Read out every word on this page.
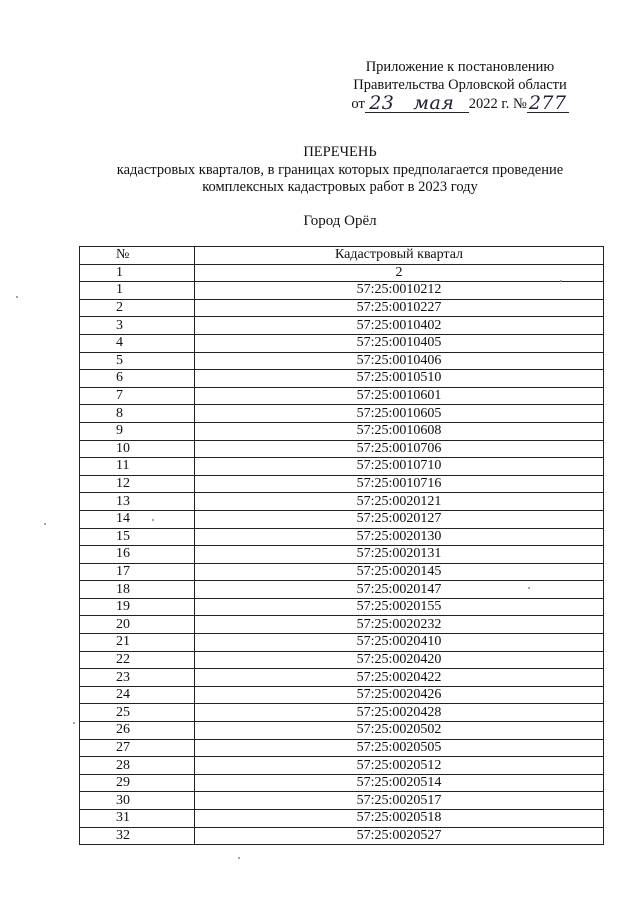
Приложение к постановлению
Правительства Орловской области
от 23 мая 2022 г. № 277
ПЕРЕЧЕНЬ
кадастровых кварталов, в границах которых предполагается проведение
комплексных кадастровых работ в 2023 году
Город Орёл
№	Кадастровый квартал
1	2
1	57:25:0010212
2	57:25:0010227
3	57:25:0010402
4	57:25:0010405
5	57:25:0010406
6	57:25:0010510
7	57:25:0010601
8	57:25:0010605
9	57:25:0010608
10	57:25:0010706
11	57:25:0010710
12	57:25:0010716
13	57:25:0020121
14	57:25:0020127
15	57:25:0020130
16	57:25:0020131
17	57:25:0020145
18	57:25:0020147
19	57:25:0020155
20	57:25:0020232
21	57:25:0020410
22	57:25:0020420
23	57:25:0020422
24	57:25:0020426
25	57:25:0020428
26	57:25:0020502
27	57:25:0020505
28	57:25:0020512
29	57:25:0020514
30	57:25:0020517
31	57:25:0020518
32	57:25:0020527
